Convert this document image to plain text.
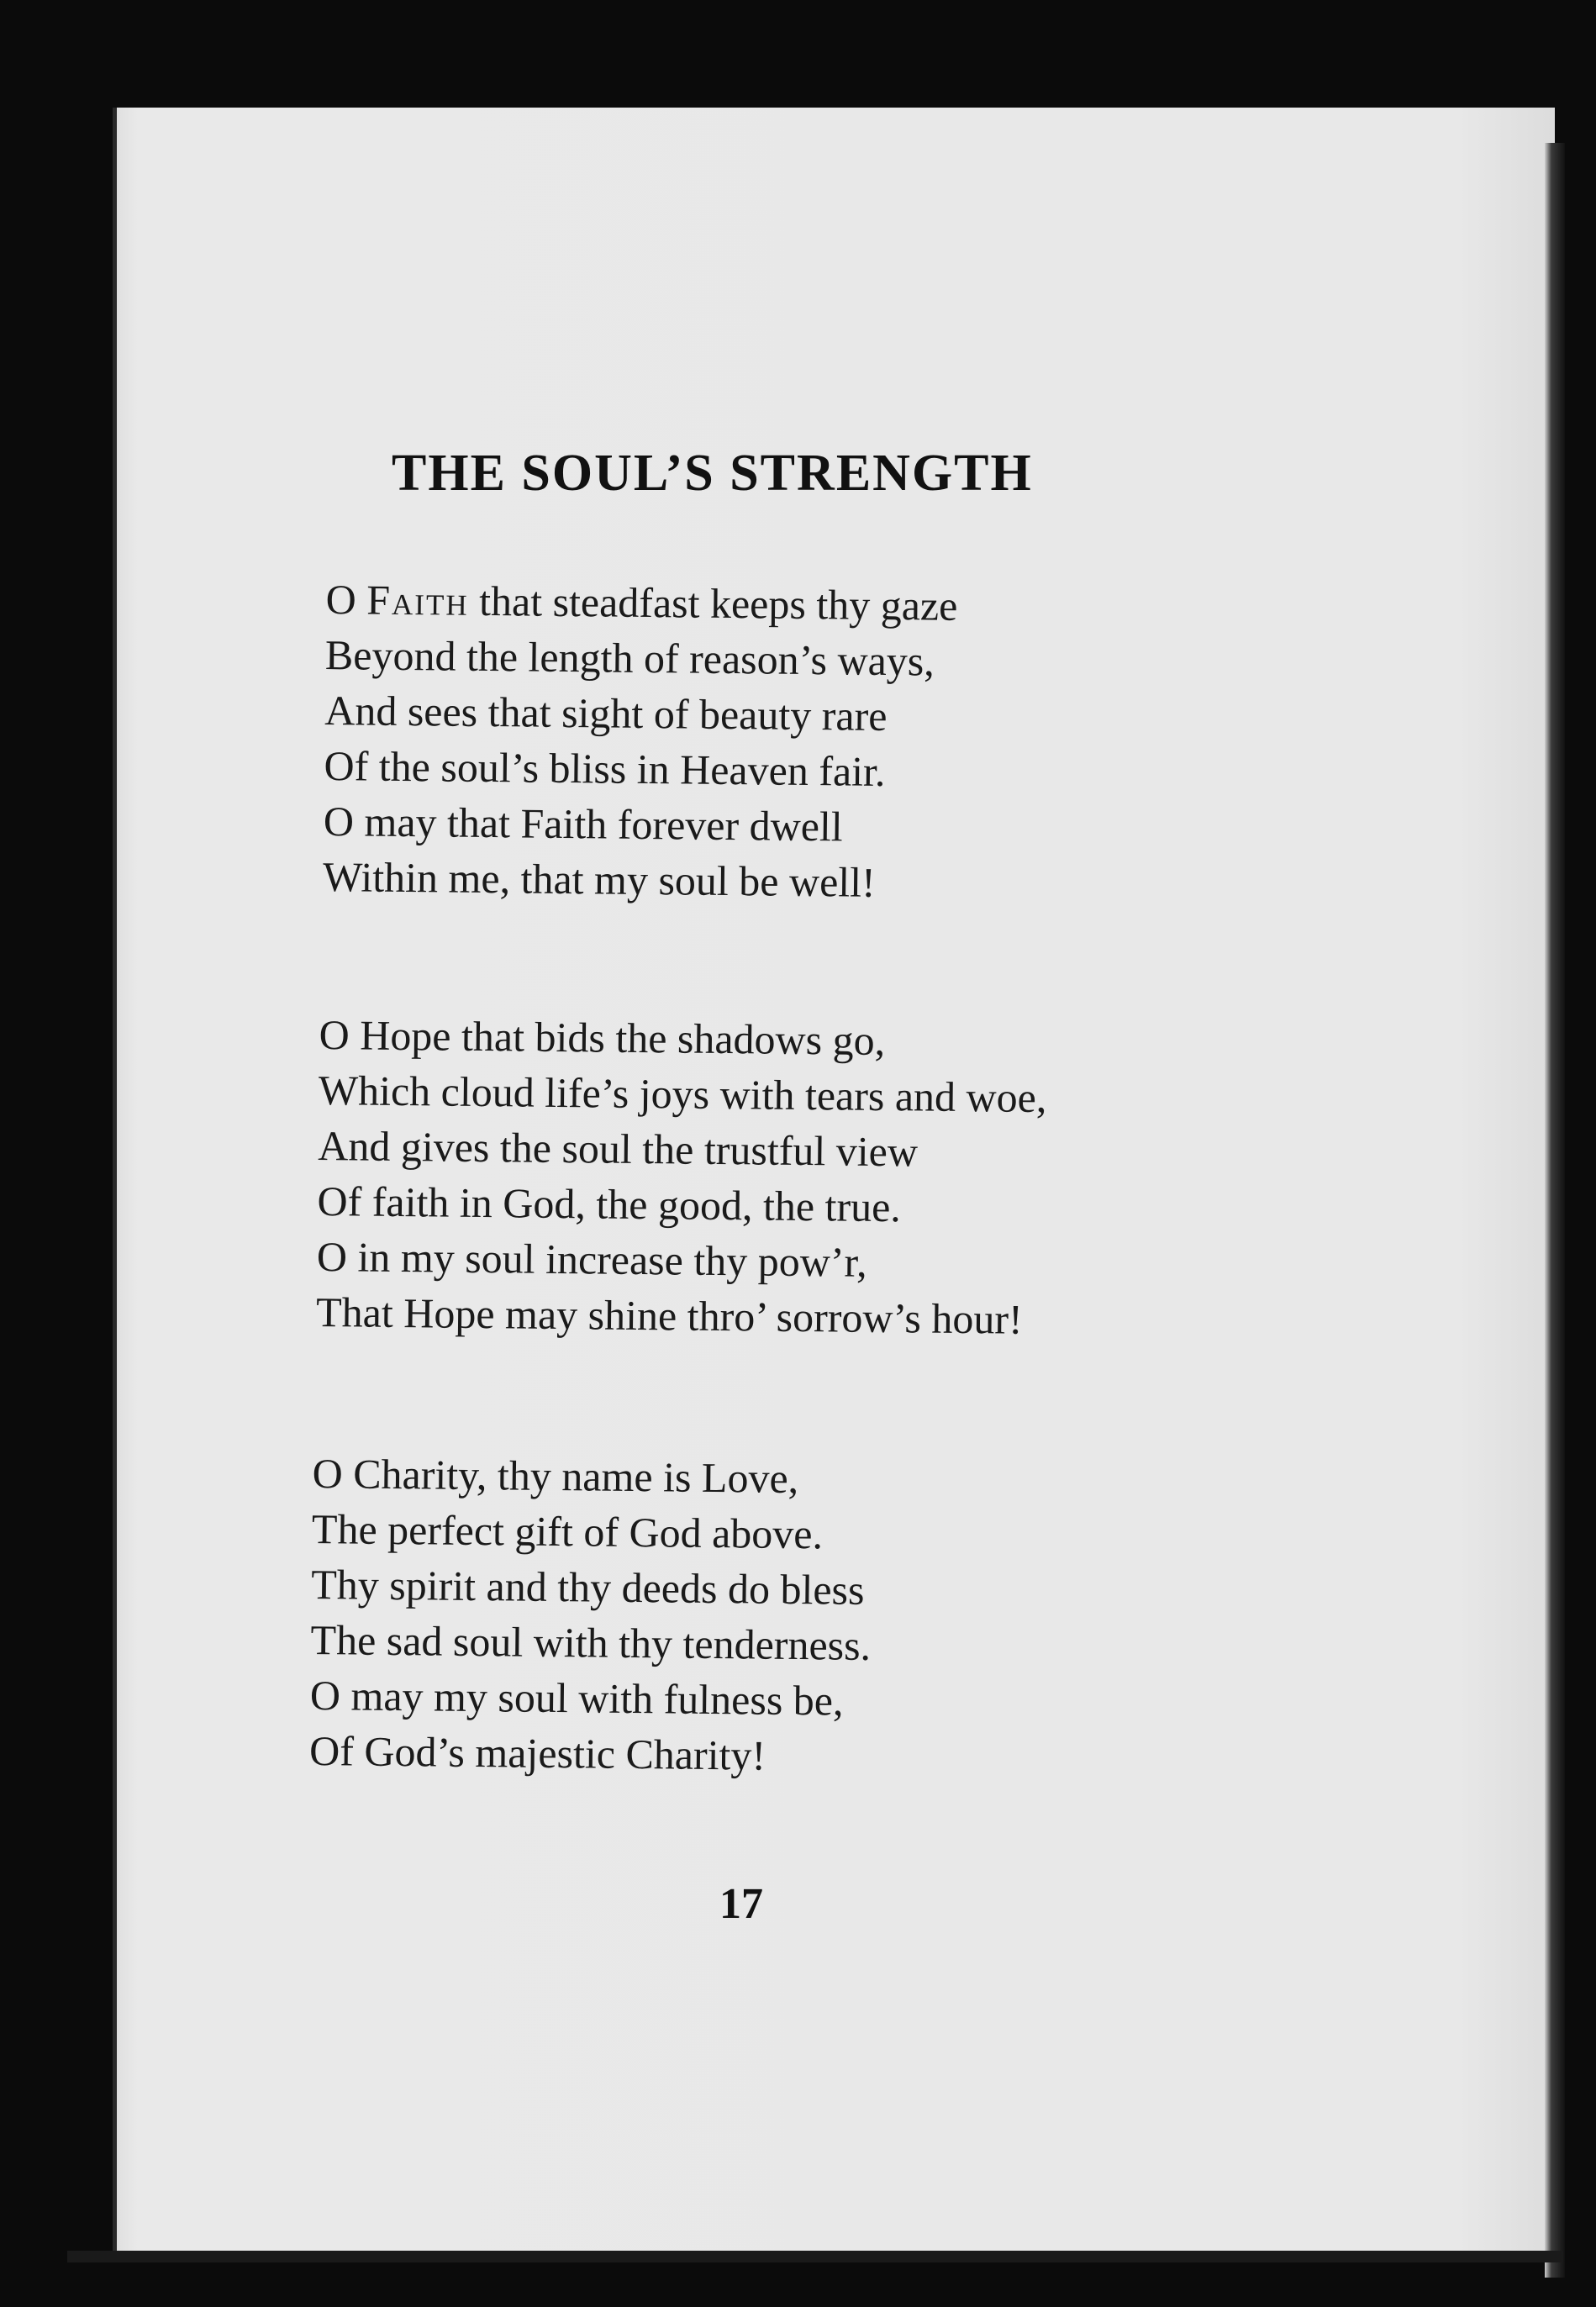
THE SOUL’S STRENGTH
O Faith that steadfast keeps thy gaze
Beyond the length of reason’s ways,
And sees that sight of beauty rare
Of the soul’s bliss in Heaven fair.
O may that Faith forever dwell
Within me, that my soul be well!
O Hope that bids the shadows go,
Which cloud life’s joys with tears and woe,
And gives the soul the trustful view
Of faith in God, the good, the true.
O in my soul increase thy pow’r,
That Hope may shine thro’ sorrow’s hour!
O Charity, thy name is Love,
The perfect gift of God above.
Thy spirit and thy deeds do bless
The sad soul with thy tenderness.
O may my soul with fulness be,
Of God’s majestic Charity!
17
